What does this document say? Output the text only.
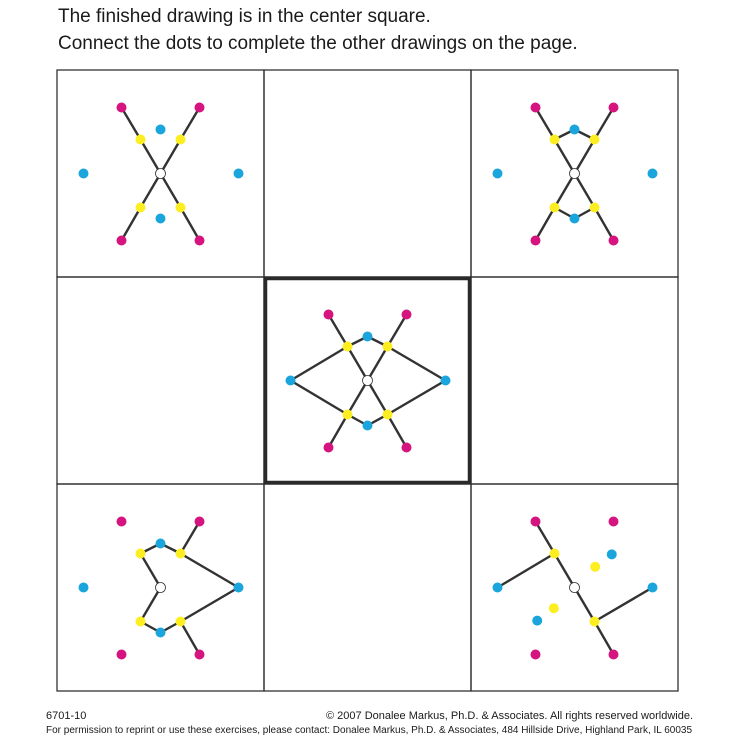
The finished drawing is in the center square.
Connect the dots to complete the other drawings on the page.
6701-10	© 2007 Donalee Markus, Ph.D. & Associates. All rights reserved worldwide.
For permission to reprint or use these exercises, please contact: Donalee Markus, Ph.D. & Associates, 484 Hillside Drive, Highland Park, IL 60035
